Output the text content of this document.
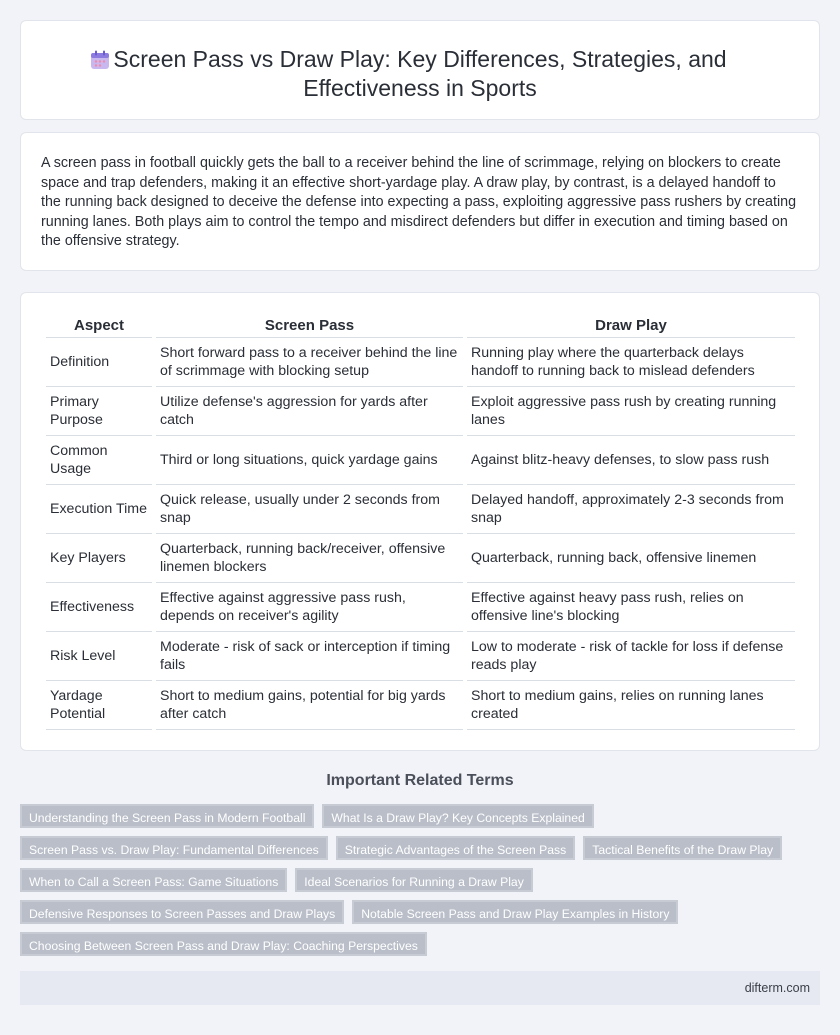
Screen Pass vs Draw Play: Key Differences, Strategies, and Effectiveness in Sports

A screen pass in football quickly gets the ball to a receiver behind the line of scrimmage, relying on blockers to create space and trap defenders, making it an effective short-yardage play. A draw play, by contrast, is a delayed handoff to the running back designed to deceive the defense into expecting a pass, exploiting aggressive pass rushers by creating running lanes. Both plays aim to control the tempo and misdirect defenders but differ in execution and timing based on the offensive strategy.

Aspect	Screen Pass	Draw Play
Definition	Short forward pass to a receiver behind the line of scrimmage with blocking setup	Running play where the quarterback delays handoff to running back to mislead defenders
Primary Purpose	Utilize defense's aggression for yards after catch	Exploit aggressive pass rush by creating running lanes
Common Usage	Third or long situations, quick yardage gains	Against blitz-heavy defenses, to slow pass rush
Execution Time	Quick release, usually under 2 seconds from snap	Delayed handoff, approximately 2-3 seconds from snap
Key Players	Quarterback, running back/receiver, offensive linemen blockers	Quarterback, running back, offensive linemen
Effectiveness	Effective against aggressive pass rush, depends on receiver's agility	Effective against heavy pass rush, relies on offensive line's blocking
Risk Level	Moderate - risk of sack or interception if timing fails	Low to moderate - risk of tackle for loss if defense reads play
Yardage Potential	Short to medium gains, potential for big yards after catch	Short to medium gains, relies on running lanes created
Important Related Terms
Understanding the Screen Pass in Modern Football	What Is a Draw Play? Key Concepts Explained
Screen Pass vs. Draw Play: Fundamental Differences	Strategic Advantages of the Screen Pass	Tactical Benefits of the Draw Play
When to Call a Screen Pass: Game Situations	Ideal Scenarios for Running a Draw Play
Defensive Responses to Screen Passes and Draw Plays	Notable Screen Pass and Draw Play Examples in History
Choosing Between Screen Pass and Draw Play: Coaching Perspectives
difterm.com
